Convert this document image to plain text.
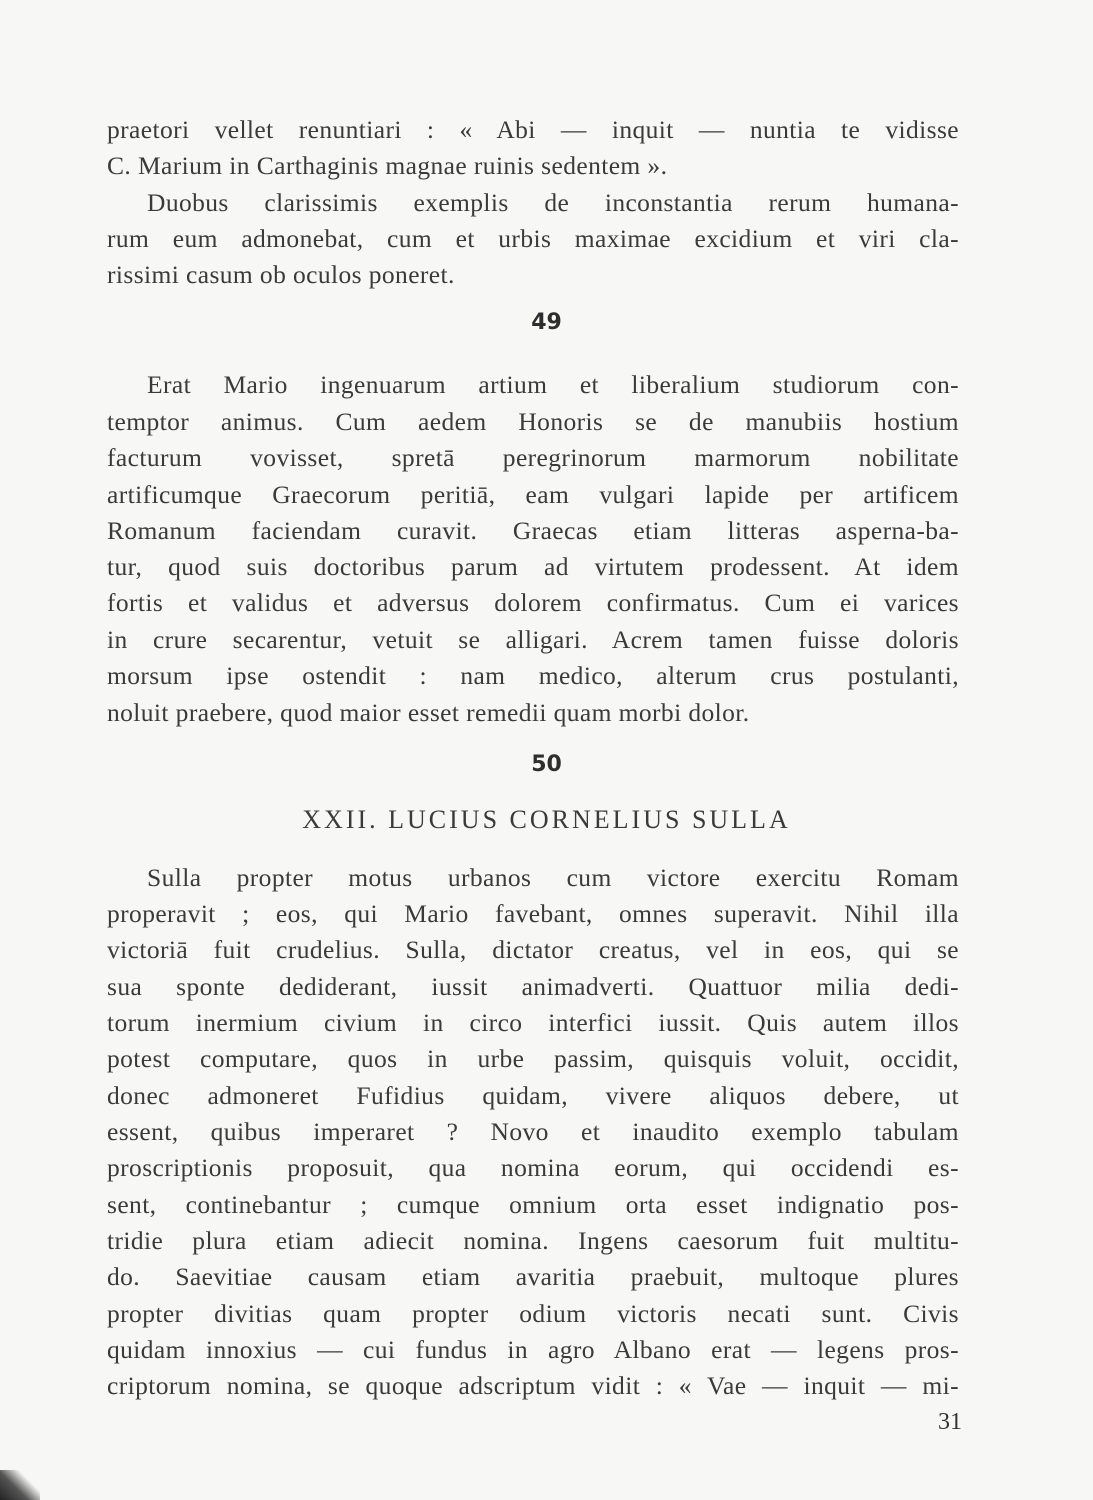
praetori vellet renuntiari : « Abi — inquit — nuntia te vidisse
C. Marium in Carthaginis magnae ruinis sedentem ».
Duobus clarissimis exemplis de inconstantia rerum humana-
rum eum admonebat, cum et urbis maximae excidium et viri cla-
rissimi casum ob oculos poneret.
49
Erat Mario ingenuarum artium et liberalium studiorum con-
temptor animus. Cum aedem Honoris se de manubiis hostium
facturum vovisset, spretā peregrinorum marmorum nobilitate
artificumque Graecorum peritiā, eam vulgari lapide per artificem
Romanum faciendam curavit. Graecas etiam litteras asperna-ba-
tur, quod suis doctoribus parum ad virtutem prodessent. At idem
fortis et validus et adversus dolorem confirmatus. Cum ei varices
in crure secarentur, vetuit se alligari. Acrem tamen fuisse doloris
morsum ipse ostendit : nam medico, alterum crus postulanti,
noluit praebere, quod maior esset remedii quam morbi dolor.
50
XXII. LUCIUS CORNELIUS SULLA
Sulla propter motus urbanos cum victore exercitu Romam
properavit ; eos, qui Mario favebant, omnes superavit. Nihil illa
victoriā fuit crudelius. Sulla, dictator creatus, vel in eos, qui se
sua sponte dediderant, iussit animadverti. Quattuor milia dedi-
torum inermium civium in circo interfici iussit. Quis autem illos
potest computare, quos in urbe passim, quisquis voluit, occidit,
donec admoneret Fufidius quidam, vivere aliquos debere, ut
essent, quibus imperaret ? Novo et inaudito exemplo tabulam
proscriptionis proposuit, qua nomina eorum, qui occidendi es-
sent, continebantur ; cumque omnium orta esset indignatio pos-
tridie plura etiam adiecit nomina. Ingens caesorum fuit multitu-
do. Saevitiae causam etiam avaritia praebuit, multoque plures
propter divitias quam propter odium victoris necati sunt. Civis
quidam innoxius — cui fundus in agro Albano erat — legens pros-
criptorum nomina, se quoque adscriptum vidit : « Vae — inquit — mi-
31
